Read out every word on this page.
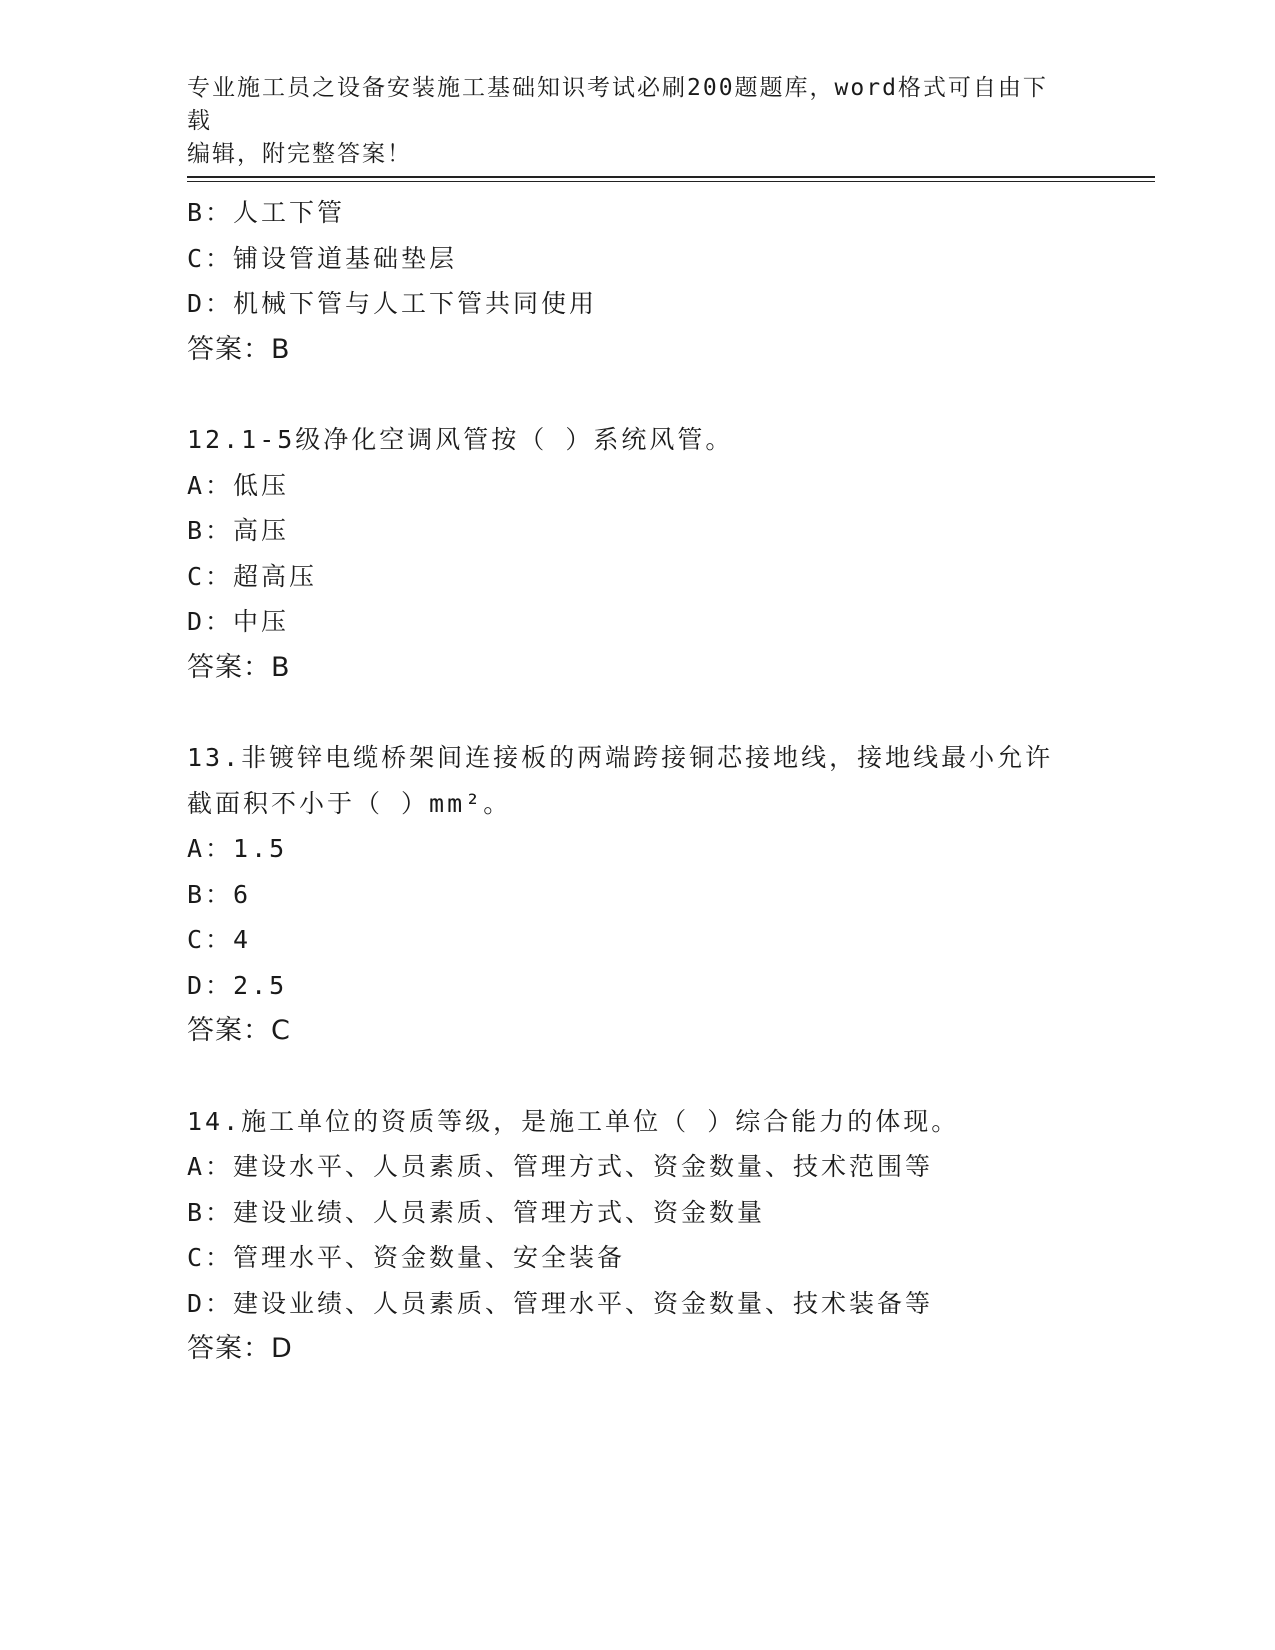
专业施工员之设备安装施工基础知识考试必刷200题题库，word格式可自由下载
编辑，附完整答案！
B：人工下管
C：铺设管道基础垫层
D：机械下管与人工下管共同使用
答案：B
12.1-5级净化空调风管按（ ）系统风管。
A：低压
B：高压
C：超高压
D：中压
答案：B
13.非镀锌电缆桥架间连接板的两端跨接铜芯接地线，接地线最小允许
截面积不小于（ ）mm²。
A：1.5
B：6
C：4
D：2.5
答案：C
14.施工单位的资质等级，是施工单位（ ）综合能力的体现。
A：建设水平、人员素质、管理方式、资金数量、技术范围等
B：建设业绩、人员素质、管理方式、资金数量
C：管理水平、资金数量、安全装备
D：建设业绩、人员素质、管理水平、资金数量、技术装备等
答案：D
